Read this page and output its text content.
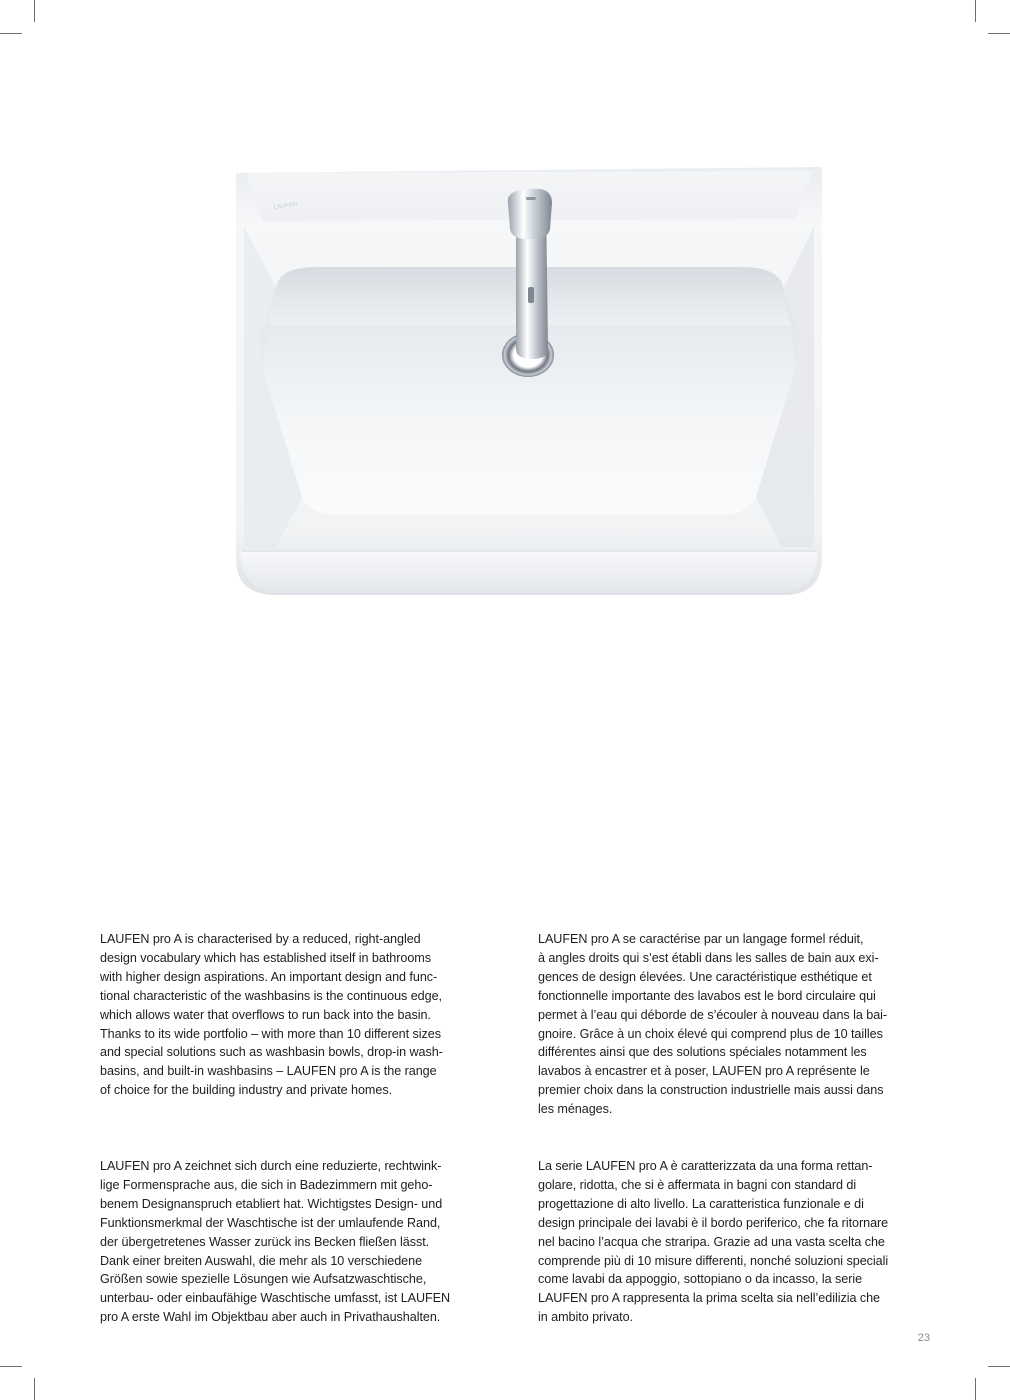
LAUFEN
LAUFEN pro A is characterised by a reduced, right-angled
design vocabulary which has established itself in bathrooms
with higher design aspirations. An important design and func-
tional characteristic of the washbasins is the continuous edge,
which allows water that overflows to run back into the basin.
Thanks to its wide portfolio – with more than 10 different sizes
and special solutions such as washbasin bowls, drop-in wash-
basins, and built-in washbasins – LAUFEN pro A is the range
of choice for the building industry and private homes.
LAUFEN pro A se caractérise par un langage formel réduit,
à angles droits qui s’est établi dans les salles de bain aux exi-
gences de design élevées. Une caractéristique esthétique et
fonctionnelle importante des lavabos est le bord circulaire qui
permet à l’eau qui déborde de s’écouler à nouveau dans la bai-
gnoire. Grâce à un choix élevé qui comprend plus de 10 tailles
différentes ainsi que des solutions spéciales notamment les
lavabos à encastrer et à poser, LAUFEN pro A représente le
premier choix dans la construction industrielle mais aussi dans
les ménages.
LAUFEN pro A zeichnet sich durch eine reduzierte, rechtwink-
lige Formensprache aus, die sich in Badezimmern mit geho-
benem Designanspruch etabliert hat. Wichtigstes Design- und
Funktionsmerkmal der Waschtische ist der umlaufende Rand,
der übergetretenes Wasser zurück ins Becken fließen lässt.
Dank einer breiten Auswahl, die mehr als 10 verschiedene
Größen sowie spezielle Lösungen wie Aufsatzwaschtische,
unterbau- oder einbaufähige Waschtische umfasst, ist LAUFEN
pro A erste Wahl im Objektbau aber auch in Privathaushalten.
La serie LAUFEN pro A è caratterizzata da una forma rettan-
golare, ridotta, che si è affermata in bagni con standard di
progettazione di alto livello. La caratteristica funzionale e di
design principale dei lavabi è il bordo periferico, che fa ritornare
nel bacino l’acqua che straripa. Grazie ad una vasta scelta che
comprende più di 10 misure differenti, nonché soluzioni speciali
come lavabi da appoggio, sottopiano o da incasso, la serie
LAUFEN pro A rappresenta la prima scelta sia nell’edilizia che
in ambito privato.
23
